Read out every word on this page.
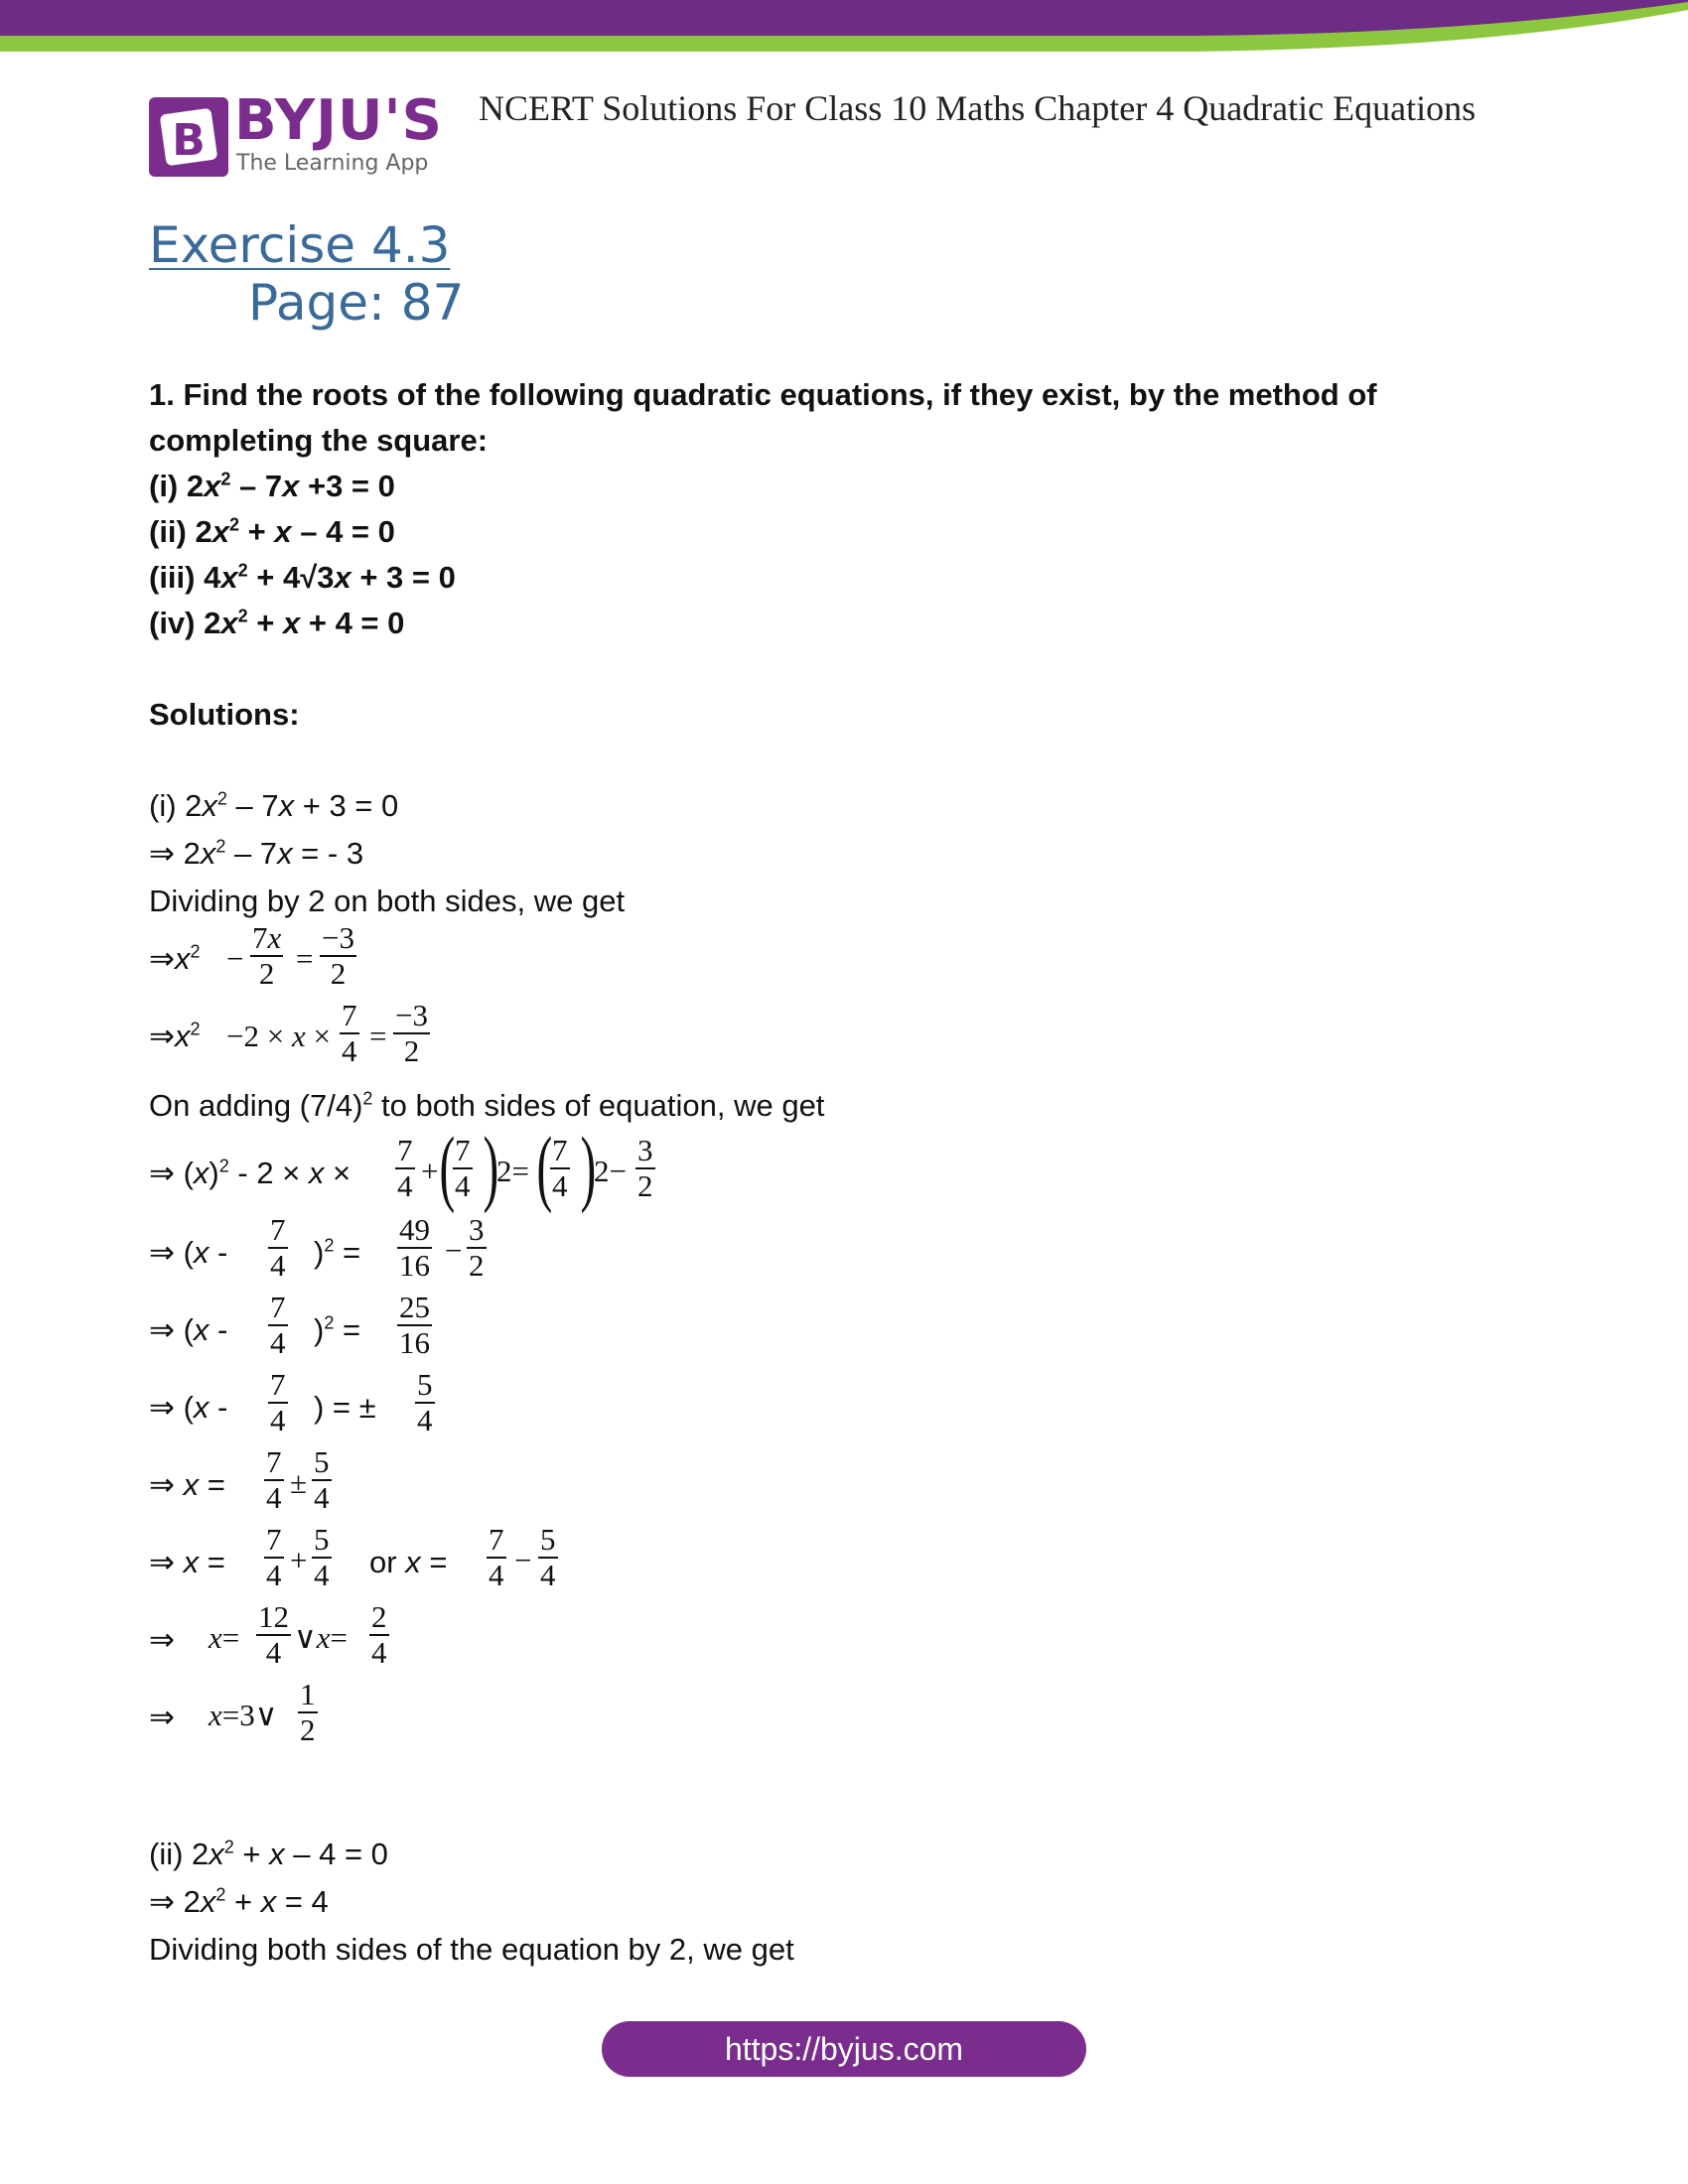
B BYJU'S
The Learning App
NCERT Solutions For Class 10 Maths Chapter 4 Quadratic Equations
Exercise 4.3
Page: 87
1. Find the roots of the following quadratic equations, if they exist, by the method of
completing the square:
(i) $2x^2 - 7x +3 = 0$
(ii) $2x^2 + x - 4 = 0$
(iii) $4x^2 + 4√3x + 3 = 0$
(iv) $2x^2 + x + 4 = 0$
Solutions:
(i) $2x^2 - 7x + 3 = 0$
⇒ $2x^2 - 7x$ = - 3
Dividing by 2 on both sides, we get
$\Rightarrow x^2 - \frac{7x}{2} = \frac{-3}{2}$
$\Rightarrow x^2 -2 \times x \times \frac{7}{4} = \frac{-3}{2}$
On adding $(7/4)^2$ to both sides of equation, we get
⇒ $(x)^2 - 2 \times x \times \frac{7}{4}$ + (
$\frac{7}{4}$ )
2= (
$\frac{7}{4}$ )
$2- \frac{3}{2}$
⇒ $(x - \frac{7}{4} )^2 = \frac{49}{16} - \frac{3}{2}$
⇒ $(x - \frac{7}{4} )^2 = \frac{25}{16}$
⇒ ($x - \frac{7}{4}$ ) = ± $\frac{5}{4}$
⇒ $x = \frac{7}{4} \pm \frac{5}{4}$
⇒ $x = \frac{7}{4} + \frac{5}{4}$ or $x = \frac{7}{4} - \frac{5}{4}$
⇒ $x= \frac{12}{4}$ ∨x= $\frac{2}{4}$
⇒ x=3∨ $\frac{1}{2}$
(ii) $2x^2 + x - 4 = 0$
⇒ $2x^2 + x = 4$
Dividing both sides of the equation by 2, we get
https://byjus.com
